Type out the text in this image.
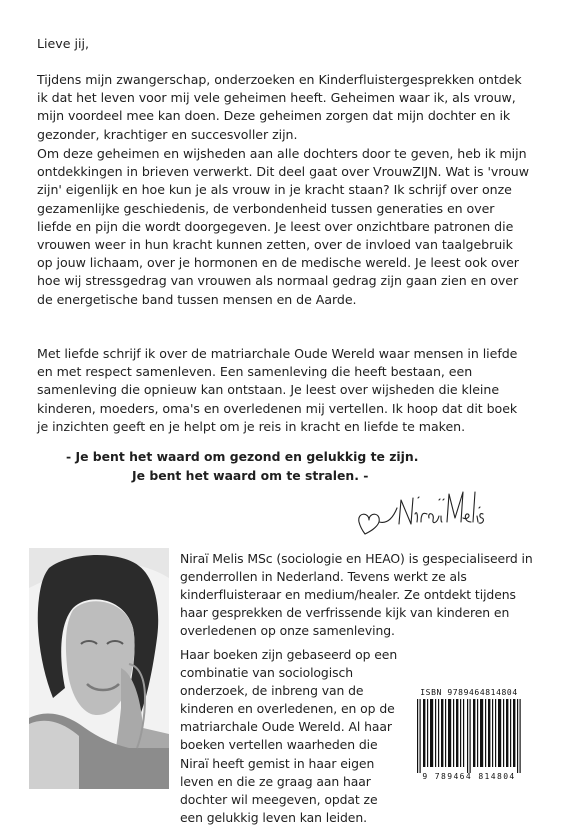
Lieve jij,

Tijdens mijn zwangerschap, onderzoeken en Kinderfluistergesprekken ontdek ik dat het leven voor mij vele geheimen heeft. Geheimen waar ik, als vrouw, mijn voordeel mee kan doen. Deze geheimen zorgen dat mijn dochter en ik gezonder, krachtiger en succesvoller zijn.

Om deze geheimen en wijsheden aan alle dochters door te geven, heb ik mijn ontdekkingen in brieven verwerkt. Dit deel gaat over VrouwZIJN. Wat is 'vrouw zijn' eigenlijk en hoe kun je als vrouw in je kracht staan? Ik schrijf over onze gezamenlijke geschiedenis, de verbondenheid tussen generaties en over liefde en pijn die wordt doorgegeven. Je leest over onzichtbare patronen die vrouwen weer in hun kracht kunnen zetten, over de invloed van taalgebruik op jouw lichaam, over je hormonen en de medische wereld. Je leest ook over hoe wij stressgedrag van vrouwen als normaal gedrag zijn gaan zien en over de energetische band tussen mensen en de Aarde.

Met liefde schrijf ik over de matriarchale Oude Wereld waar mensen in liefde en met respect samenleven. Een samenleving die heeft bestaan, een samenleving die opnieuw kan ontstaan. Je leest over wijsheden die kleine kinderen, moeders, oma's en overledenen mij vertellen. Ik hoop dat dit boek je inzichten geeft en je helpt om je reis in kracht en liefde te maken.

- Je bent het waard om gezond en gelukkig te zijn.
Je bent het waard om te stralen. -

Niraï Melis MSc (sociologie en HEAO) is gespecialiseerd in genderrollen in Nederland. Tevens werkt ze als kinderfluisteraar en medium/healer. Ze ontdekt tijdens haar gesprekken de verfrissende kijk van kinderen en overledenen op onze samenleving.

Haar boeken zijn gebaseerd op een combinatie van sociologisch onderzoek, de inbreng van de kinderen en overledenen, en op de matriarchale Oude Wereld. Al haar boeken vertellen waarheden die Niraï heeft gemist in haar eigen leven en die ze graag aan haar dochter wil meegeven, opdat ze een gelukkig leven kan leiden.

ISBN 9789464814804
9 789464 814804
